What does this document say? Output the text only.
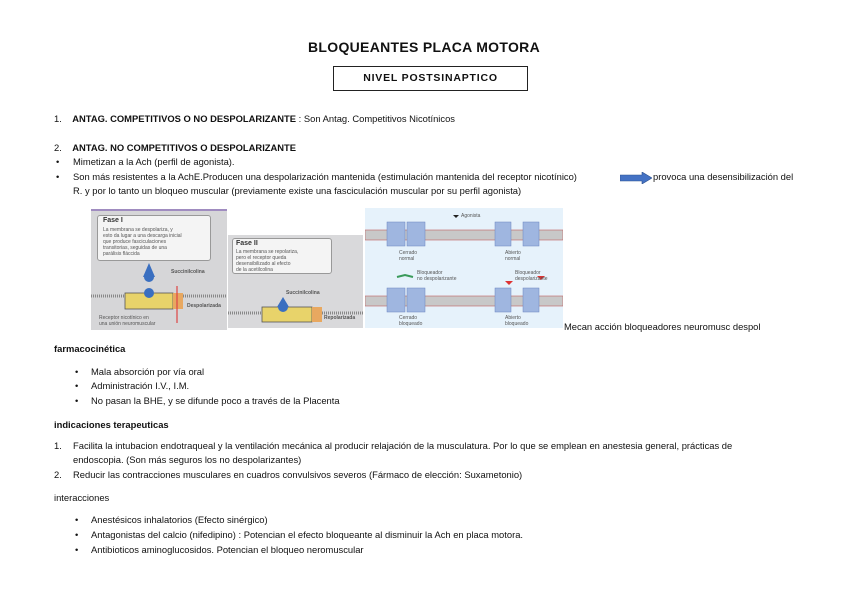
BLOQUEANTES PLACA MOTORA
NIVEL POSTSINAPTICO
1. ANTAG. COMPETITIVOS O NO DESPOLARIZANTE : Son Antag. Competitivos Nicotínicos
2. ANTAG. NO COMPETITIVOS O DESPOLARIZANTE
• Mimetizan a la Ach (perfil de agonista).
• Son más resistentes a la AchE.Producen una despolarización mantenida (estimulación mantenida del receptor nicotínico)	provoca una desensibilización del
R. y por lo tanto un bloqueo muscular (previamente existe una fasciculación muscular por su perfil agonista)
Fase I
La membrana se despolariza, y
esto da lugar a una descarga inicial
que produce fasciculaciones
transitorias, seguidas de una
parálisis fláccida
Succinilcolina
Despolarizada
Receptor nicotínico en
una unión neuromuscular
Fase II
La membrana se repolariza,
pero el receptor queda
desensibilizado al efecto
de la acetilcolina
Succinilcolina
Repolarizada
Agonista
Cerrado
normal
Abierto
normal
Bloqueador
no despolarizante
Bloqueador
despolarizante
Cerrado
bloqueado
Abierto
bloqueado	Mecan acción bloqueadores neuromusc despol
farmacocinética
• Mala absorción por vía oral
• Administración I.V., I.M.
• No pasan la BHE, y se difunde poco a través de la Placenta
indicaciones terapeuticas
1. Facilita la intubacion endotraqueal y la ventilación mecánica al producir relajación de la musculatura. Por lo que se emplean en anestesia general, prácticas de
endoscopia. (Son más seguros los no despolarizantes)
2. Reducir las contracciones musculares en cuadros convulsivos severos (Fármaco de elección: Suxametonio)
interacciones
• Anestésicos inhalatorios (Efecto sinérgico)
• Antagonistas del calcio (nifedipino) : Potencian el efecto bloqueante al disminuir la Ach en placa motora.
• Antibioticos aminoglucosidos. Potencian el bloqueo neromuscular
